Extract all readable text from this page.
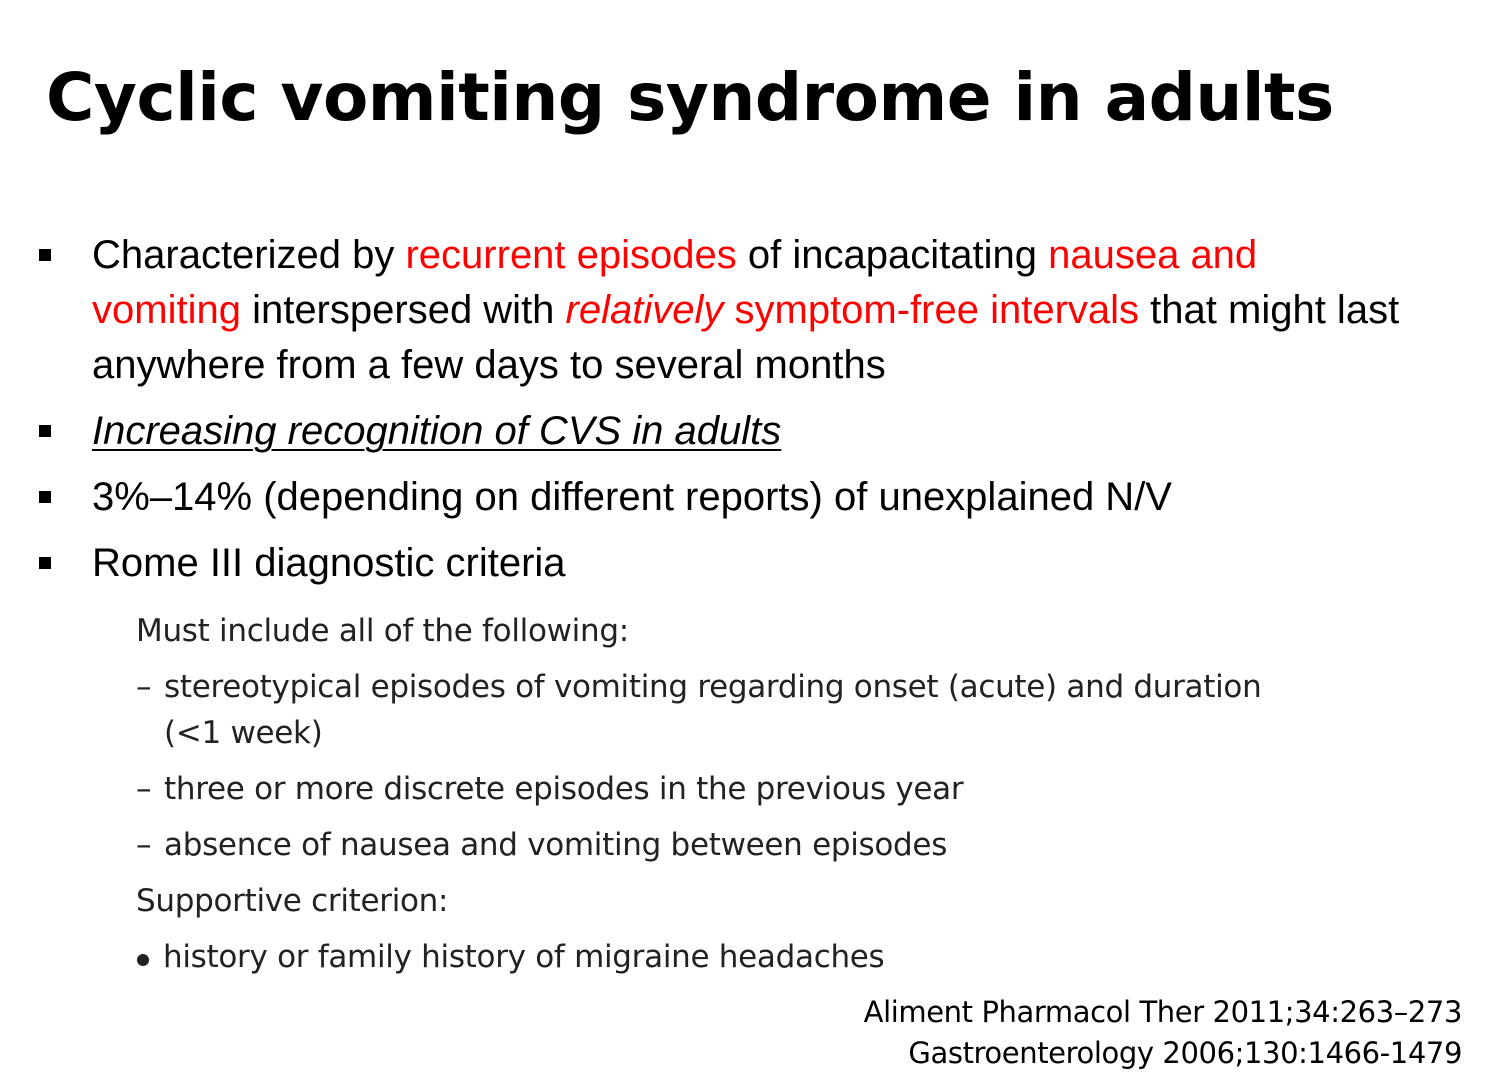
Cyclic vomiting syndrome in adults
Characterized by recurrent episodes of incapacitating nausea and vomiting interspersed with relatively symptom-free intervals that might last anywhere from a few days to several months
Increasing recognition of CVS in adults
3%–14% (depending on different reports) of unexplained N/V
Rome III diagnostic criteria
Must include all of the following:
– stereotypical episodes of vomiting regarding onset (acute) and duration
(<1 week)
– three or more discrete episodes in the previous year
– absence of nausea and vomiting between episodes
Supportive criterion:
history or family history of migraine headaches
Aliment Pharmacol Ther 2011;34:263–273
Gastroenterology 2006;130:1466-1479
